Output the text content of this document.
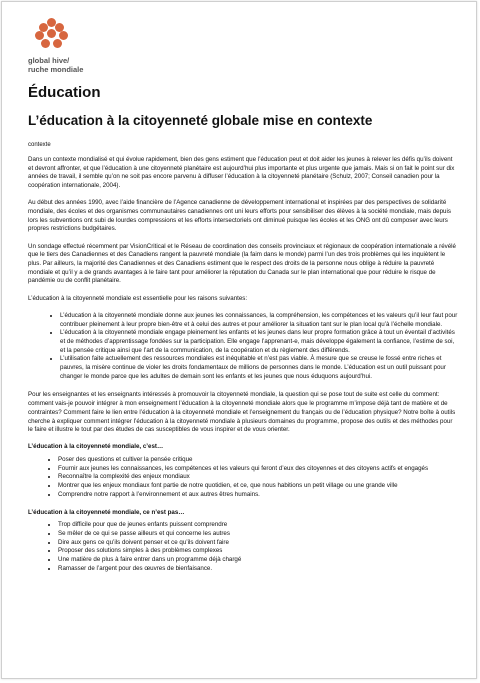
global hive/
ruche mondiale
Éducation
L’éducation à la citoyenneté globale mise en contexte
contexte

Dans un contexte mondialisé et qui évolue rapidement, bien des gens estiment que l’éducation peut et doit aider les jeunes à relever les défis qu’ils doivent et devront affronter, et que l’éducation à une citoyenneté planétaire est aujourd’hui plus importante et plus urgente que jamais. Mais si on fait le point sur dix années de travail, il semble qu’on ne soit pas encore parvenu à diffuser l’éducation à la citoyenneté planétaire (Schulz, 2007; Conseil canadien pour la coopération internationale, 2004).

Au début des années 1990, avec l’aide financière de l’Agence canadienne de développement international et inspirées par des perspectives de solidarité mondiale, des écoles et des organismes communautaires canadiennes ont uni leurs efforts pour sensibiliser des élèves à la société mondiale, mais depuis lors les subventions ont subi de lourdes compressions et les efforts intersectoriels ont diminué puisque les écoles et les ONG ont dû composer avec leurs propres restrictions budgétaires.

Un sondage effectué récemment par VisionCritical et le Réseau de coordination des conseils provinciaux et régionaux de coopération internationale a révélé que le tiers des Canadiennes et des Canadiens rangent la pauvreté mondiale (la faim dans le monde) parmi l’un des trois problèmes qui les inquiètent le plus. Par ailleurs, la majorité des Canadiennes et des Canadiens estiment que le respect des droits de la personne nous oblige à réduire la pauvreté mondiale et qu’il y a de grands avantages à le faire tant pour améliorer la réputation du Canada sur le plan international que pour réduire le risque de pandémie ou de conflit planétaire.

L’éducation à la citoyenneté mondiale est essentielle pour les raisons suivantes:

• L’éducation à la citoyenneté mondiale donne aux jeunes les connaissances, la compréhension, les compétences et les valeurs qu’il leur faut pour contribuer pleinement à leur propre bien-être et à celui des autres et pour améliorer la situation tant sur le plan local qu’à l’échelle mondiale.
• L’éducation à la citoyenneté mondiale engage pleinement les enfants et les jeunes dans leur propre formation grâce à tout un éventail d’activités et de méthodes d’apprentissage fondées sur la participation. Elle engage l’apprenant-e, mais développe également la confiance, l’estime de soi, et la pensée critique ainsi que l’art de la communication, de la coopération et du règlement des différends.
• L’utilisation faite actuellement des ressources mondiales est inéquitable et n’est pas viable. À mesure que se creuse le fossé entre riches et pauvres, la misère continue de violer les droits fondamentaux de millions de personnes dans le monde. L’éducation est un outil puissant pour changer le monde parce que les adultes de demain sont les enfants et les jeunes que nous éduquons aujourd’hui.

Pour les enseignantes et les enseignants intéressés à promouvoir la citoyenneté mondiale, la question qui se pose tout de suite est celle du comment: comment vais-je pouvoir intégrer à mon enseignement l’éducation à la citoyenneté mondiale alors que le programme m’impose déjà tant de matière et de contraintes? Comment faire le lien entre l’éducation à la citoyenneté mondiale et l’enseignement du français ou de l’éducation physique? Notre boîte à outils cherche à expliquer comment intégrer l’éducation à la citoyenneté mondiale à plusieurs domaines du programme, propose des outils et des méthodes pour le faire et illustre le tout par des études de cas susceptibles de vous inspirer et de vous orienter.

L’éducation à la citoyenneté mondiale, c’est…
• Poser des questions et cultiver la pensée critique
• Fournir aux jeunes les connaissances, les compétences et les valeurs qui feront d’eux des citoyennes et des citoyens actifs et engagés
• Reconnaître la complexité des enjeux mondiaux
• Montrer que les enjeux mondiaux font partie de notre quotidien, et ce, que nous habitions un petit village ou une grande ville
• Comprendre notre rapport à l’environnement et aux autres êtres humains.
L’éducation à la citoyenneté mondiale, ce n’est pas…
• Trop difficile pour que de jeunes enfants puissent comprendre
• Se mêler de ce qui se passe ailleurs et qui concerne les autres
• Dire aux gens ce qu’ils doivent penser et ce qu’ils doivent faire
• Proposer des solutions simples à des problèmes complexes
• Une matière de plus à faire entrer dans un programme déjà chargé
• Ramasser de l’argent pour des œuvres de bienfaisance.
